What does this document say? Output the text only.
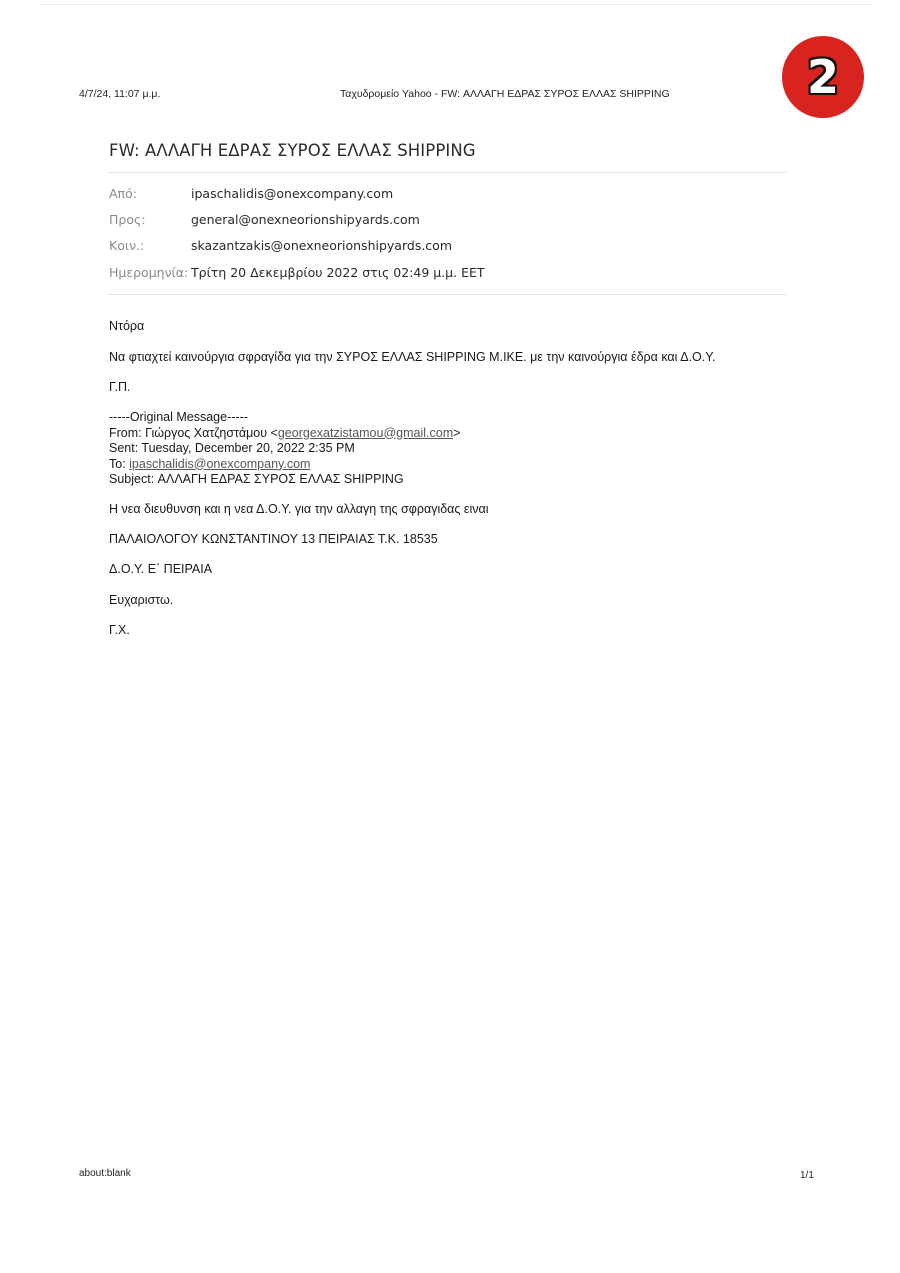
4/7/24, 11:07 μ.μ.	Ταχυδρομείο Yahoo - FW: ΑΛΛΑΓΗ ΕΔΡΑΣ ΣΥΡΟΣ ΕΛΛΑΣ SHIPPING	2
FW: ΑΛΛΑΓΗ ΕΔΡΑΣ ΣΥΡΟΣ ΕΛΛΑΣ SHIPPING
Από:	ipaschalidis@onexcompany.com
Προς:	general@onexneorionshipyards.com
Κοιν.:	skazantzakis@onexneorionshipyards.com
Ημερομηνία: Τρίτη 20 Δεκεμβρίου 2022 στις 02:49 μ.μ. EET
Ντόρα
Να φτιαχτεί καινούργια σφραγίδα για την ΣΥΡΟΣ ΕΛΛΑΣ SHIPPING Μ.ΙΚΕ. με την καινούργια έδρα και Δ.Ο.Υ.
Γ.Π.
-----Original Message-----
From: Γιώργος Χατζηστάμου <georgexatzistamou@gmail.com>
Sent: Tuesday, December 20, 2022 2:35 PM
To: ipaschalidis@onexcompany.com
Subject: ΑΛΛΑΓΗ ΕΔΡΑΣ ΣΥΡΟΣ ΕΛΛΑΣ SHIPPING
Η νεα διευθυνση και η νεα Δ.Ο.Υ. για την αλλαγη της σφραγιδας ειναι
ΠΑΛΑΙΟΛΟΓΟΥ ΚΩΝΣΤΑΝΤΙΝΟΥ 13 ΠΕΙΡΑΙΑΣ Τ.Κ. 18535
Δ.Ο.Υ. Ε΄ ΠΕΙΡΑΙΑ
Ευχαριστω.
Γ.Χ.
about:blank	1/1
